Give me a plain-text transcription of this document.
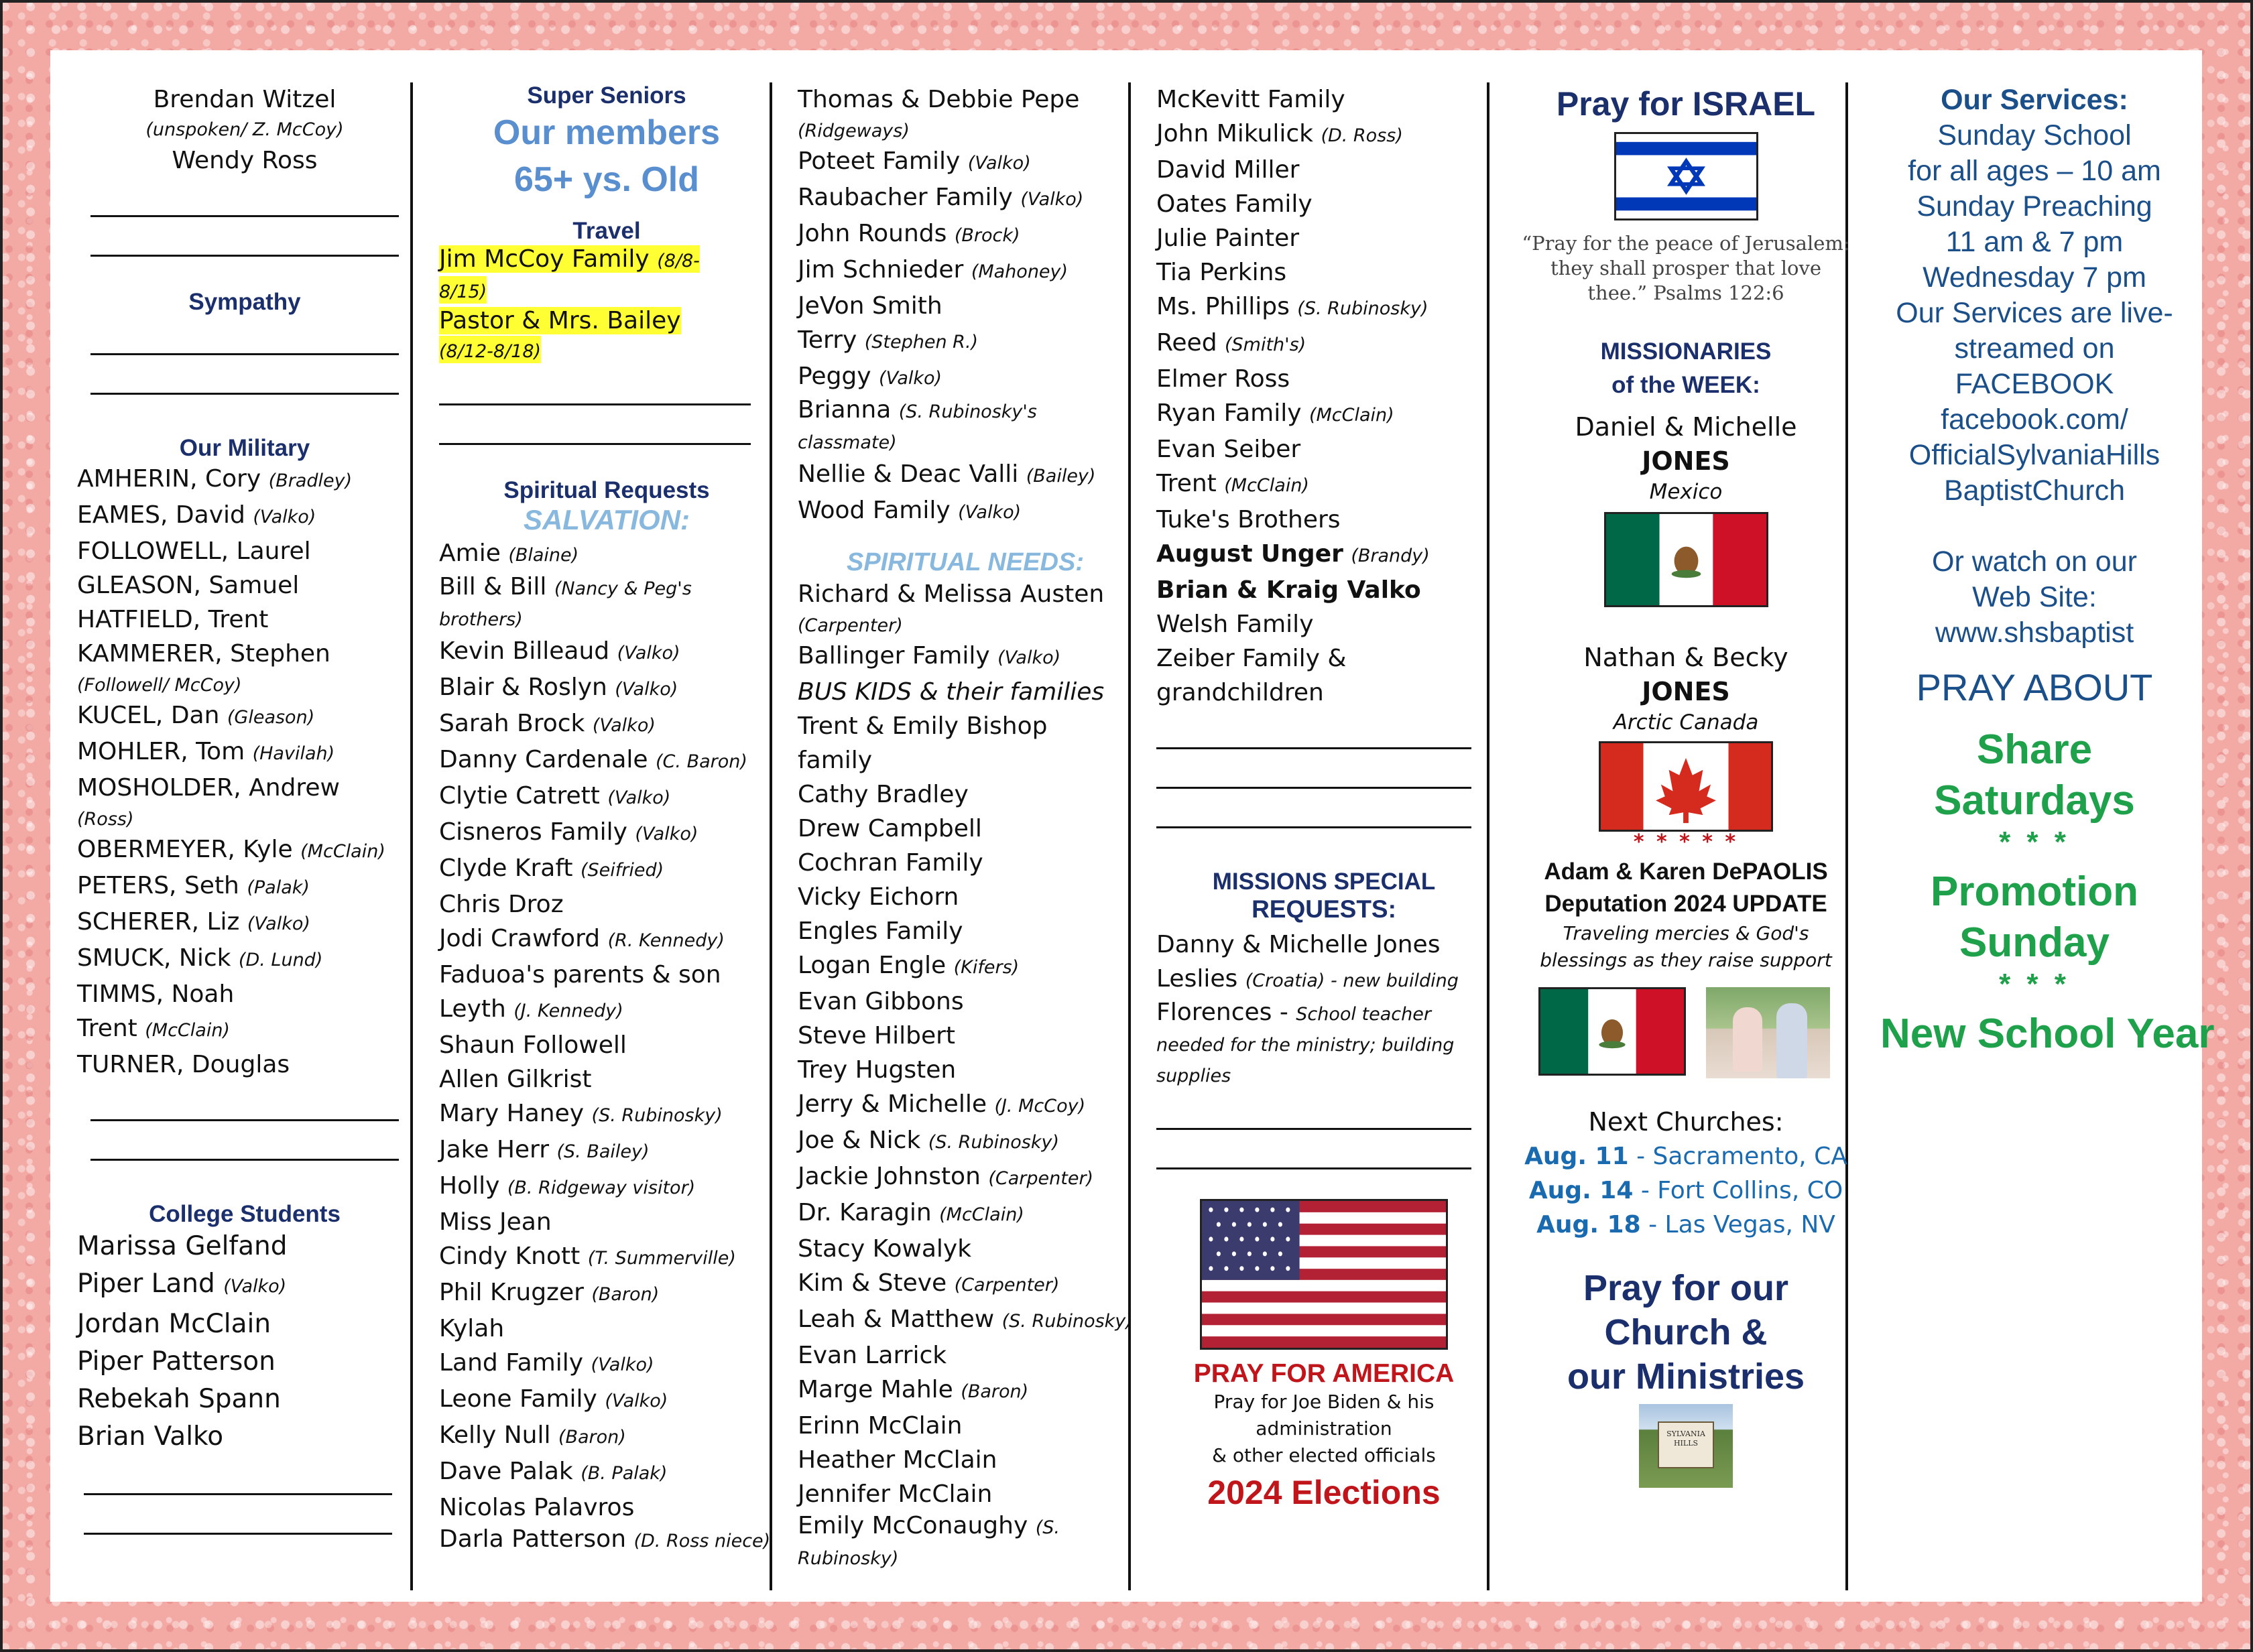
Brendan Witzel
(unspoken/ Z. McCoy)
Wendy Ross
Sympathy
Our Military
AMHERIN, Cory (Bradley)
EAMES, David (Valko)
FOLLOWELL, Laurel
GLEASON, Samuel
HATFIELD, Trent
KAMMERER, Stephen
(Followell/ McCoy)
KUCEL, Dan (Gleason)
MOHLER, Tom (Havilah)
MOSHOLDER, Andrew
(Ross)
OBERMEYER, Kyle (McClain)
PETERS, Seth (Palak)
SCHERER, Liz (Valko)
SMUCK, Nick (D. Lund)
TIMMS, Noah
Trent (McClain)
TURNER, Douglas
College Students
Marissa Gelfand
Piper Land (Valko)
Jordan McClain
Piper Patterson
Rebekah Spann
Brian Valko
Super Seniors
Our members
65+ ys. Old
Travel
Jim McCoy Family (8/8-8/15)
Pastor & Mrs. Bailey (8/12-8/18)
Spiritual Requests
SALVATION:
Amie (Blaine)
Bill & Bill (Nancy & Peg's brothers)
Kevin Billeaud (Valko)
Blair & Roslyn (Valko)
Sarah Brock (Valko)
Danny Cardenale (C. Baron)
Clytie Catrett (Valko)
Cisneros Family (Valko)
Clyde Kraft (Seifried)
Chris Droz
Jodi Crawford (R. Kennedy)
Faduoa's parents & son
Leyth (J. Kennedy)
Shaun Followell
Allen Gilkrist
Mary Haney (S. Rubinosky)
Jake Herr (S. Bailey)
Holly (B. Ridgeway visitor)
Miss Jean
Cindy Knott (T. Summerville)
Phil Krugzer (Baron)
Kylah
Land Family (Valko)
Leone Family (Valko)
Kelly Null (Baron)
Dave Palak (B. Palak)
Nicolas Palavros
Darla Patterson (D. Ross niece)
Thomas & Debbie Pepe
(Ridgeways)
Poteet Family (Valko)
Raubacher Family (Valko)
John Rounds (Brock)
Jim Schnieder (Mahoney)
JeVon Smith
Terry (Stephen R.)
Peggy (Valko)
Brianna (S. Rubinosky's classmate)
Nellie & Deac Valli (Bailey)
Wood Family (Valko)
SPIRITUAL NEEDS:
Richard & Melissa Austen
(Carpenter)
Ballinger Family (Valko)
BUS KIDS & their families
Trent & Emily Bishop
family
Cathy Bradley
Drew Campbell
Cochran Family
Vicky Eichorn
Engles Family
Logan Engle (Kifers)
Evan Gibbons
Steve Hilbert
Trey Hugsten
Jerry & Michelle (J. McCoy)
Joe & Nick (S. Rubinosky)
Jackie Johnston (Carpenter)
Dr. Karagin (McClain)
Stacy Kowalyk
Kim & Steve (Carpenter)
Leah & Matthew (S. Rubinosky)
Evan Larrick
Marge Mahle (Baron)
Erinn McClain
Heather McClain
Jennifer McClain
Emily McConaughy (S. Rubinosky)
McKevitt Family
John Mikulick (D. Ross)
David Miller
Oates Family
Julie Painter
Tia Perkins
Ms. Phillips (S. Rubinosky)
Reed (Smith's)
Elmer Ross
Ryan Family (McClain)
Evan Seiber
Trent (McClain)
Tuke's Brothers
August Unger (Brandy)
Brian & Kraig Valko
Welsh Family
Zeiber Family &
grandchildren
MISSIONS SPECIAL
REQUESTS:
Danny & Michelle Jones
Leslies (Croatia) - new building
Florences - School teacher needed for the ministry; building supplies
PRAY FOR AMERICA
Pray for Joe Biden & his
administration
& other elected officials
2024 Elections
Pray for ISRAEL
“Pray for the peace of Jerusalem: they shall prosper that love thee.” Psalms 122:6
MISSIONARIES
of the WEEK:
Daniel & Michelle
JONES
Mexico
Nathan & Becky
JONES
Arctic Canada
* * * * *
Adam & Karen DePAOLIS
Deputation 2024 UPDATE
Traveling mercies & God's blessings as they raise support
Next Churches:
Aug. 11 - Sacramento, CA
Aug. 14 - Fort Collins, CO
Aug. 18 - Las Vegas, NV
Pray for our
Church &
our Ministries
SYLVANIA
HILLS
Our Services:
Sunday School
for all ages – 10 am
Sunday Preaching
11 am & 7 pm
Wednesday 7 pm
Our Services are live-
streamed on FACEBOOK
facebook.com/
OfficialSylvaniaHills
BaptistChurch
Or watch on our
Web Site:
www.shsbaptist
PRAY ABOUT
Share
Saturdays
* * *
Promotion
Sunday
* * *
New School Year
